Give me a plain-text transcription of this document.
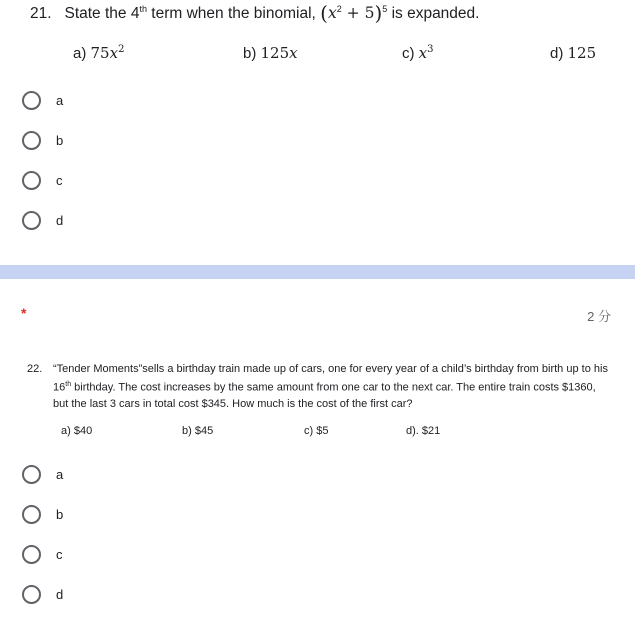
21. State the 4th term when the binomial, $(x^2 + 5)^5$ is expanded.
a) $75x^2$	b) 125x	c) $x^3$	d) 125
a
b
c
d
*	2 分
22. “Tender Moments”sells a birthday train made up of cars, one for every year of a child’s birthday from birth up to his 16th birthday. The cost increases by the same amount from one car to the next car. The entire train costs $1360, but the last 3 cars in total cost $345. How much is the cost of the first car?
a) $40	b) $45	c) $5	d). $21
a
b
c
d
